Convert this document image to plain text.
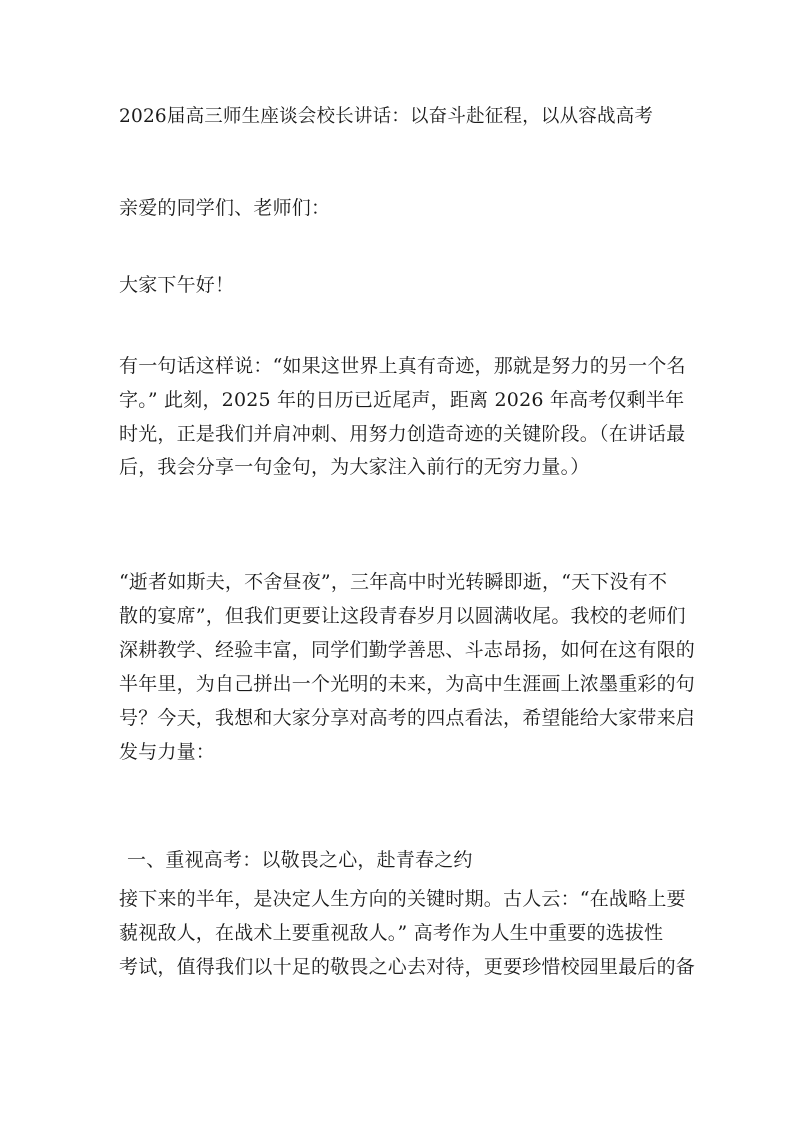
2026届高三师生座谈会校长讲话：以奋斗赴征程，以从容战高考
亲爱的同学们、老师们：
大家下午好！
有一句话这样说：“如果这世界上真有奇迹，那就是努力的另一个名
字。” 此刻，2025 年的日历已近尾声，距离 2026 年高考仅剩半年
时光，正是我们并肩冲刺、用努力创造奇迹的关键阶段。（在讲话最
后，我会分享一句金句，为大家注入前行的无穷力量。）
“逝者如斯夫，不舍昼夜”，三年高中时光转瞬即逝，“天下没有不
散的宴席”，但我们更要让这段青春岁月以圆满收尾。我校的老师们
深耕教学、经验丰富，同学们勤学善思、斗志昂扬，如何在这有限的
半年里，为自己拼出一个光明的未来，为高中生涯画上浓墨重彩的句
号？今天，我想和大家分享对高考的四点看法，希望能给大家带来启
发与力量：
一、重视高考：以敬畏之心，赴青春之约
接下来的半年，是决定人生方向的关键时期。古人云：“在战略上要
藐视敌人，在战术上要重视敌人。” 高考作为人生中重要的选拔性
考试，值得我们以十足的敬畏之心去对待，更要珍惜校园里最后的备
